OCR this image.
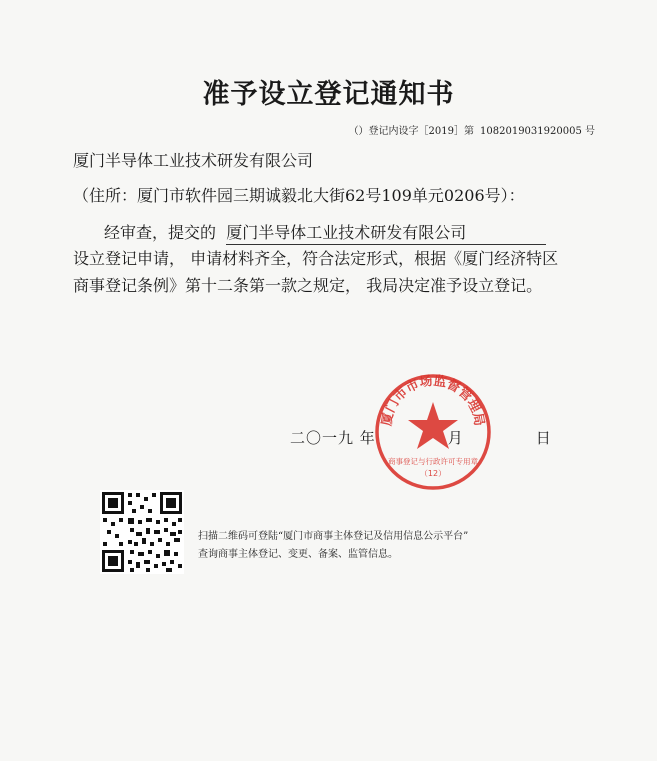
准予设立登记通知书
（）登记内设字［2019］第 1082019031920005 号
厦门半导体工业技术研发有限公司
（住所：厦门市软件园三期诚毅北大街62号109单元0206号）：
经审查，提交的 厦门半导体工业技术研发有限公司
设立登记申请， 申请材料齐全，符合法定形式，根据《厦门经济特区
商事登记条例》第十二条第一款之规定， 我局决定准予设立登记。
二〇一九 年	月	日
厦门市市场监督管理局
商事登记与行政许可专用章
（12）
扫描二维码可登陆“厦门市商事主体登记及信用信息公示平台”
查询商事主体登记、变更、备案、监管信息。
